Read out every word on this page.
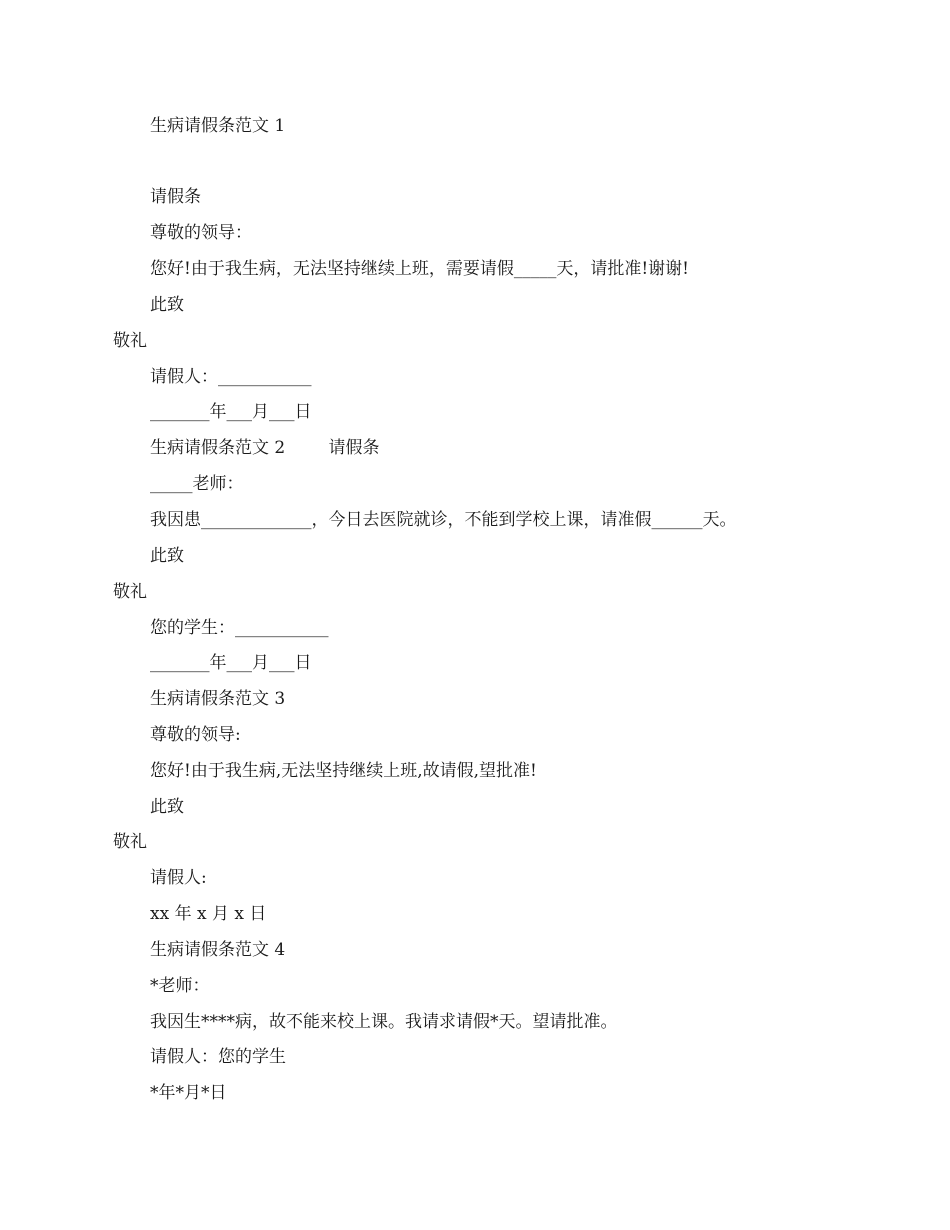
生病请假条范文 1
请假条
尊敬的领导：
您好!由于我生病，无法坚持继续上班，需要请假_____天，请批准!谢谢!
此致
敬礼
请假人：___________
_______年___月___日
生病请假条范文 2        请假条
_____老师：
我因患_____________，今日去医院就诊，不能到学校上课，请准假______天。
此致
敬礼
您的学生：___________
_______年___月___日
生病请假条范文 3
尊敬的领导:
您好!由于我生病,无法坚持继续上班,故请假,望批准!
此致
敬礼
请假人:
xx 年 x 月 x 日
生病请假条范文 4
*老师：
我因生****病，故不能来校上课。我请求请假*天。望请批准。
请假人：您的学生
*年*月*日
